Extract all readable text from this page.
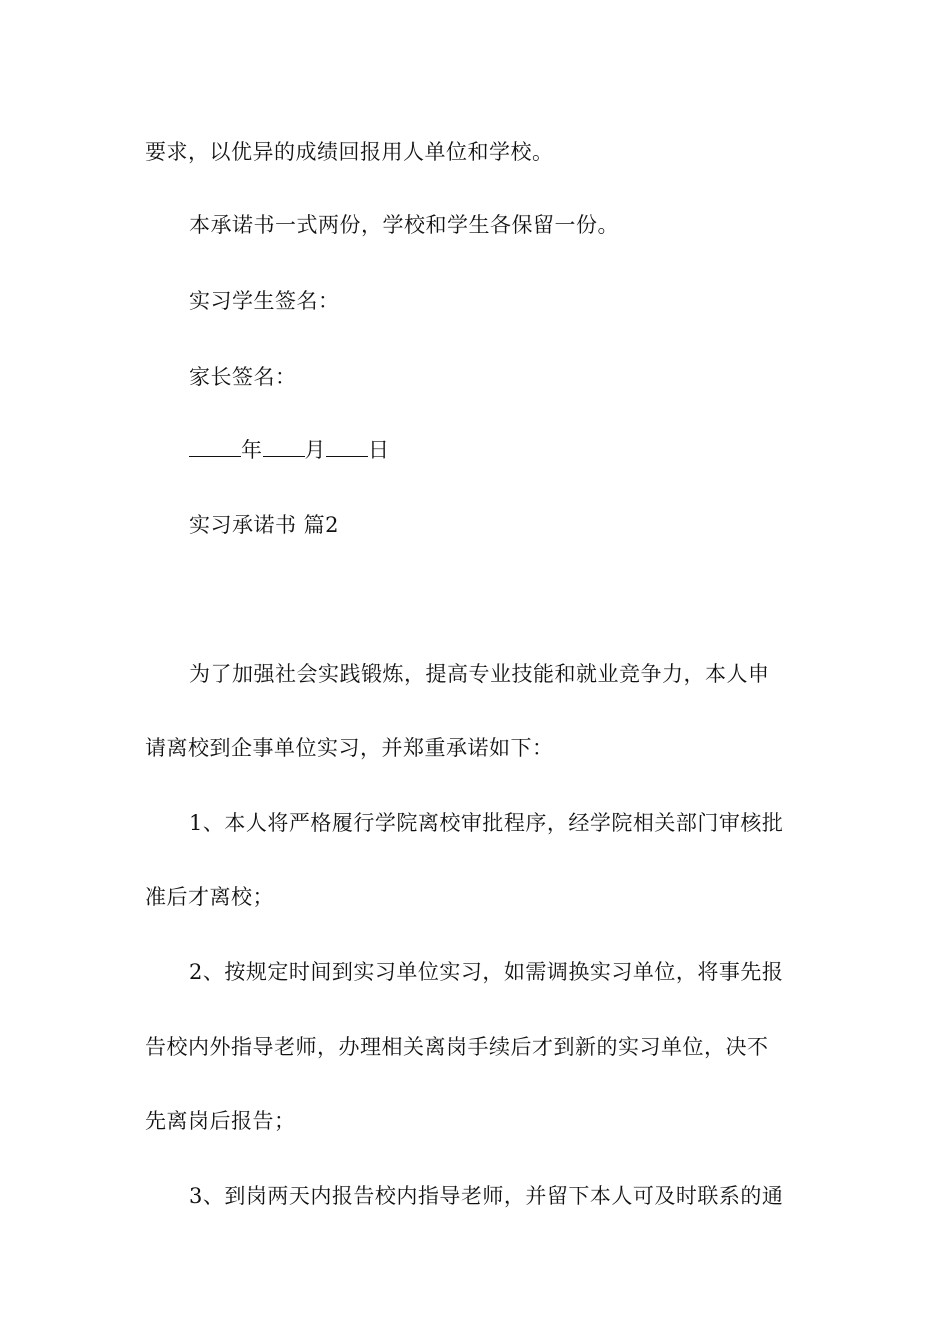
要求，以优异的成绩回报用人单位和学校。
本承诺书一式两份，学校和学生各保留一份。
实习学生签名：
家长签名：
年 月 日
实习承诺书 篇2
为了加强社会实践锻炼，提高专业技能和就业竞争力，本人申
请离校到企事单位实习，并郑重承诺如下：
1、本人将严格履行学院离校审批程序，经学院相关部门审核批
准后才离校；
2、按规定时间到实习单位实习，如需调换实习单位，将事先报
告校内外指导老师，办理相关离岗手续后才到新的实习单位，决不
先离岗后报告；
3、到岗两天内报告校内指导老师，并留下本人可及时联系的通
